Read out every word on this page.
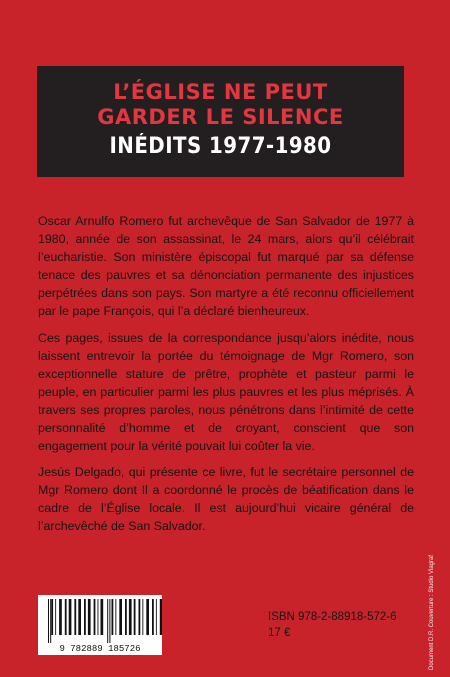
L’ÉGLISE NE PEUT
GARDER LE SILENCE
INÉDITS 1977-1980
Oscar Arnulfo Romero fut archevêque de San Salvador de 1977 à 1980, année de son assassinat, le 24 mars, alors qu’il célébrait l’eucharistie. Son ministère épiscopal fut marqué par sa défense tenace des pauvres et sa dénonciation permanente des injustices perpétrées dans son pays. Son martyre a été reconnu officiellement par le pape François, qui l’a déclaré bienheureux.
Ces pages, issues de la correspondance jusqu’alors inédite, nous laissent entrevoir la portée du témoignage de Mgr Romero, son exceptionnelle stature de prêtre, prophète et pasteur parmi le peuple, en particulier parmi les plus pauvres et les plus méprisés. À travers ses propres paroles, nous pénétrons dans l’intimité de cette personnalité d’homme et de croyant, conscient que son engagement pour la vérité pouvait lui coûter la vie.
Jesús Delgado, qui présente ce livre, fut le secrétaire personnel de Mgr Romero dont Il a coordonné le procès de béatification dans le cadre de l’Église locale. Il est aujourd’hui vicaire général de l’archevêché de San Salvador.
9 782889 185726
ISBN 978-2-88918-572-6
17 €	Document D.R. Couverture : Studio Viagraf
